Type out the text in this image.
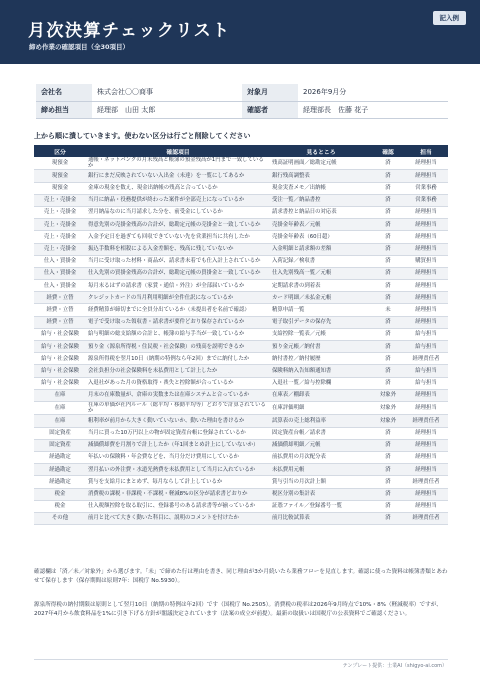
月次決算チェックリスト
締め作業の確認項目（全30項目）
記入例
会社名	株式会社〇〇商事	対象月	2026年9月分
締め担当	経理部　山田 太郎	確認者	経理部長　佐藤 花子
上から順に潰していきます。使わない区分は行ごと削除してください
区分	確認項目	見るところ	確認	担当
現預金	通帳・ネットバンクの月末残高と帳簿の預金残高が1円まで一致しているか	残高証明画面／総勘定元帳	済	経理担当
現預金	銀行にまだ反映されていない入出金（未達）を一覧にしてあるか	銀行残高調整表	済	経理担当
現預金	金庫の現金を数え、現金出納帳の残高と合っているか	現金実査メモ／出納帳	済	営業事務
売上・売掛金	当月に納品・役務提供が終わった案件が全部売上になっているか	受注一覧／納品書控	済	営業事務
売上・売掛金	翌月納品なのに当月請求した分を、前受金にしているか	請求書控と納品日の対応表	済	経理担当
売上・売掛金	得意先別の売掛金残高の合計が、総勘定元帳の売掛金と一致しているか	売掛金年齢表／元帳	済	経理担当
売上・売掛金	入金予定日を過ぎても回収できていない先を営業担当に共有したか	売掛金年齢表（60日超）	済	経理担当
売上・売掛金	振込手数料を相殺による入金差額を、残高に残していないか	入金明細と請求額の差額	済	経理担当
仕入・買掛金	当月に受け取った材料・商品が、請求書未着でも仕入計上されているか	入荷記録／検収書	済	購買担当
仕入・買掛金	仕入先別の買掛金残高の合計が、総勘定元帳の買掛金と一致しているか	仕入先別残高一覧／元帳	済	経理担当
仕入・買掛金	毎月末るはずの請求書（家賃・通信・外注）が全部届いているか	定期請求書の到着表	済	経理担当
経費・立替	クレジットカードの当月利用明細が全件仕訳になっているか	カード明細／未払金元帳	済	経理担当
経費・立替	経費精算が締切までに全員分出ているか（未提出者を名前で確認）	精算申請一覧	未	経理担当
経費・立替	電子で受け取った領収書・請求書が要件どおり保存されているか	電子取引データの保存先	済	経理担当
給与・社会保険	給与明細の総支給額の合計と、帳簿の給与手当が一致しているか	支給控除一覧表／元帳	済	給与担当
給与・社会保険	預り金（源泉所得税・住民税・社会保険）の残高を説明できるか	預り金元帳／納付書	済	給与担当
給与・社会保険	源泉所得税を翌月10日（納期の特例なら年2回）までに納付したか	納付書控／納付履歴	済	経理責任者
給与・社会保険	会社負担分の社会保険料を未払費用として計上したか	保険料納入告知額通知書	済	給与担当
給与・社会保険	入退社があった月の資格取得・喪失と控除額が合っているか	入退社一覧／給与控除欄	済	給与担当
在庫	月末の在庫数量が、倉庫の実数または在庫システムと合っているか	在庫表／棚卸表	対象外	経理担当
在庫	在庫の単価が社内ルール（総平均・移動平均等）どおりで計算されているか	在庫評価明細	対象外	経理担当
在庫	粗利率が前月から大きく動いていないか、動いた理由を書けるか	試算表の売上総利益率	対象外	経理責任者
固定資産	当月に買った10万円以上の物が固定資産台帳に登録されているか	固定資産台帳／請求書	済	経理担当
固定資産	減価償却費を月割りで計上したか（年1回まとめ計上にしていないか）	減価償却明細／元帳	済	経理担当
経過勘定	年払いの保険料・年会費などを、当月分だけ費用にしているか	前払費用の月次配分表	済	経理担当
経過勘定	翌月払いの外注費・水道光熱費を未払費用として当月に入れているか	未払費用元帳	済	経理担当
経過勘定	賞与を支給月にまとめず、毎月ならして計上しているか	賞与引当の月次計上額	済	経理責任者
税金	消費税の課税・非課税・不課税・軽減8%の区分が請求書どおりか	税区分別の集計表	済	経理担当
税金	仕入税額控除を取る取引に、登録番号のある請求書等が揃っているか	証憑ファイル／登録番号一覧	済	経理担当
その他	前月と比べて大きく動いた科目に、説明のコメントを付けたか	前月比較試算表	済	経理責任者
確認欄は「済／未／対象外」から選びます。「未」で締めた行は理由を書き、同じ理由が3か月続いたら業務フローを見直します。確認に使った資料は帳簿書類とあわせて保存します（保存期間は原則7年：国税庁 No.5930）。
源泉所得税の納付期限は原則として翌月10日（納期の特例は年2回）です（国税庁 No.2505）。消費税の税率は2026年9月時点で10%・8%（軽減税率）ですが、2027年4月から飲食料品を1%に引き下げる方針が閣議決定されています（法案の成立が前提）。最新の取扱いは国税庁の公表資料でご確認ください。
テンプレート提供：士業AI（shigyo-ai.com）
